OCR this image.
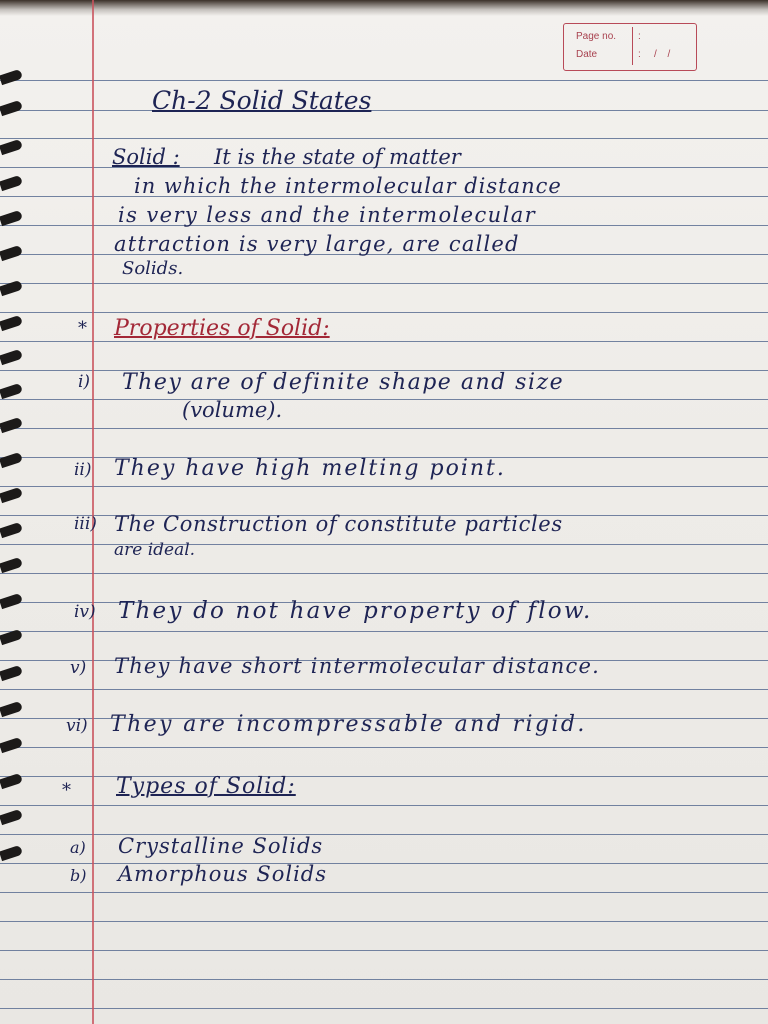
Page no.
Date
:
: / /
Ch-2 Solid States
Solid : It is the state of matter
in which the intermolecular distance
is very less and the intermolecular
attraction is very large, are called
Solids.
* Properties of Solid:
i) They are of definite shape and size
(volume).
ii) They have high melting point.
iii) The Construction of constitute particles
are ideal.
iv) They do not have property of flow.
v) They have short intermolecular distance.
vi) They are incompressable and rigid.
* Types of Solid:
a) Crystalline Solids
b) Amorphous Solids
